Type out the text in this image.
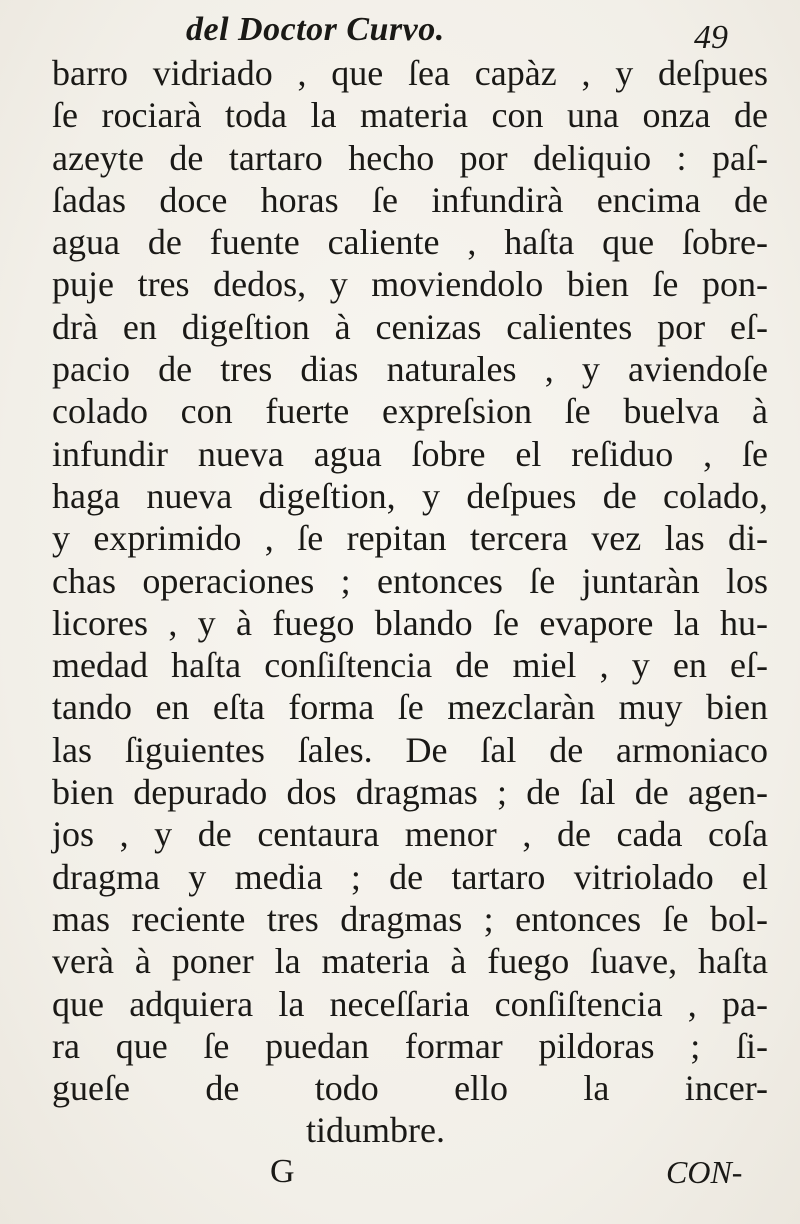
del Doctor Curvo.	49
barro vidriado , que ſea capàz , y deſpues
ſe rociarà toda la materia con una onza de
azeyte de tartaro hecho por deliquio : paſ-
ſadas doce horas ſe infundirà encima de
agua de fuente caliente , haſta que ſobre-
puje tres dedos, y moviendolo bien ſe pon-
drà en digeſtion à cenizas calientes por eſ-
pacio de tres dias naturales , y aviendoſe
colado con fuerte expreſsion ſe buelva à
infundir nueva agua ſobre el reſiduo , ſe
haga nueva digeſtion, y deſpues de colado,
y exprimido , ſe repitan tercera vez las di-
chas operaciones ; entonces ſe juntaràn los
licores , y à fuego blando ſe evapore la hu-
medad haſta conſiſtencia de miel , y en eſ-
tando en eſta forma ſe mezclaràn muy bien
las ſiguientes ſales. De ſal de armoniaco
bien depurado dos dragmas ; de ſal de agen-
jos , y de centaura menor , de cada coſa
dragma y media ; de tartaro vitriolado el
mas reciente tres dragmas ; entonces ſe bol-
verà à poner la materia à fuego ſuave, haſta
que adquiera la neceſſaria conſiſtencia , pa-
ra que ſe puedan formar pildoras ; ſi-
gueſe de todo ello la incer-
tidumbre.
G	CON-
